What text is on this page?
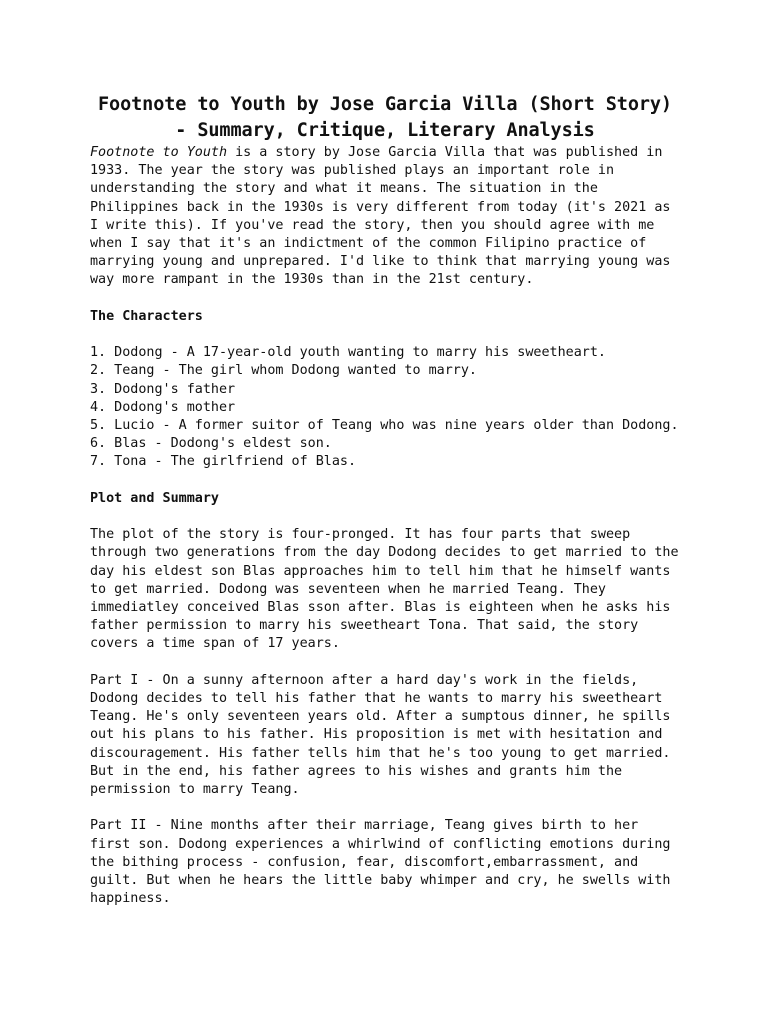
Footnote to Youth by Jose Garcia Villa (Short Story) - Summary, Critique, Literary Analysis

Footnote to Youth is a story by Jose Garcia Villa that was published in 1933. The year the story was published plays an important role in understanding the story and what it means. The situation in the Philippines back in the 1930s is very different from today (it's 2021 as I write this). If you've read the story, then you should agree with me when I say that it's an indictment of the common Filipino practice of marrying young and unprepared. I'd like to think that marrying young was way more rampant in the 1930s than in the 21st century.

The Characters
1. Dodong - A 17-year-old youth wanting to marry his sweetheart.
2. Teang - The girl whom Dodong wanted to marry.
3. Dodong's father
4. Dodong's mother
5. Lucio - A former suitor of Teang who was nine years older than Dodong.
6. Blas - Dodong's eldest son.
7. Tona - The girlfriend of Blas.
Plot and Summary

The plot of the story is four-pronged. It has four parts that sweep through two generations from the day Dodong decides to get married to the day his eldest son Blas approaches him to tell him that he himself wants to get married. Dodong was seventeen when he married Teang. They immediatley conceived Blas sson after. Blas is eighteen when he asks his father permission to marry his sweetheart Tona. That said, the story covers a time span of 17 years.

Part I - On a sunny afternoon after a hard day's work in the fields, Dodong decides to tell his father that he wants to marry his sweetheart Teang. He's only seventeen years old. After a sumptous dinner, he spills out his plans to his father. His proposition is met with hesitation and discouragement. His father tells him that he's too young to get married. But in the end, his father agrees to his wishes and grants him the permission to marry Teang.

Part II - Nine months after their marriage, Teang gives birth to her first son. Dodong experiences a whirlwind of conflicting emotions during the bithing process - confusion, fear, discomfort,embarrassment, and guilt. But when he hears the little baby whimper and cry, he swells with happiness.
